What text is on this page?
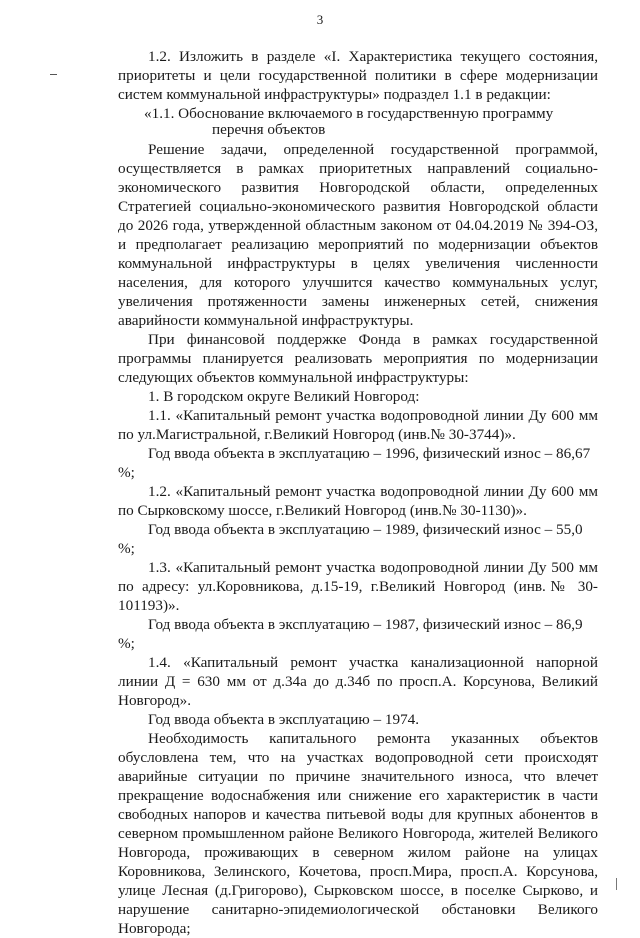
3

1.2. Изложить в разделе «I. Характеристика текущего состояния, приоритеты и цели государственной политики в сфере модернизации систем коммунальной инфраструктуры» подраздел 1.1 в редакции:

«1.1. Обоснование включаемого в государственную программу
перечня объектов

Решение задачи, определенной государственной программой, осуществляется в рамках приоритетных направлений социально-экономического развития Новгородской области, определенных Стратегией социально-экономического развития Новгородской области до 2026 года, утвержденной областным законом от 04.04.2019 № 394-ОЗ, и предполагает реализацию мероприятий по модернизации объектов коммунальной инфраструктуры в целях увеличения численности населения, для которого улучшится качество коммунальных услуг, увеличения протяженности замены инженерных сетей, снижения аварийности коммунальной инфраструктуры.

При финансовой поддержке Фонда в рамках государственной программы планируется реализовать мероприятия по модернизации следующих объектов коммунальной инфраструктуры:

1. В городском округе Великий Новгород:

1.1. «Капитальный ремонт участка водопроводной линии Ду 600 мм по ул.Магистральной, г.Великий Новгород (инв.№ 30-3744)».

Год ввода объекта в эксплуатацию – 1996, физический износ – 86,67 %;

1.2. «Капитальный ремонт участка водопроводной линии Ду 600 мм по Сырковскому шоссе, г.Великий Новгород (инв.№ 30-1130)».

Год ввода объекта в эксплуатацию – 1989, физический износ – 55,0 %;

1.3. «Капитальный ремонт участка водопроводной линии Ду 500 мм по адресу: ул.Коровникова, д.15-19, г.Великий Новгород (инв.№ 30-101193)».

Год ввода объекта в эксплуатацию – 1987, физический износ – 86,9 %;

1.4. «Капитальный ремонт участка канализационной напорной линии Д = 630 мм от д.34а до д.34б по просп.А. Корсунова, Великий Новгород».

Год ввода объекта в эксплуатацию – 1974.

Необходимость капитального ремонта указанных объектов обусловлена тем, что на участках водопроводной сети происходят аварийные ситуации по причине значительного износа, что влечет прекращение водоснабжения или снижение его характеристик в части свободных напоров и качества питьевой воды для крупных абонентов в северном промышленном районе Великого Новгорода, жителей Великого Новгорода, проживающих в северном жилом районе на улицах Коровникова, Зелинского, Кочетова, просп.Мира, просп.А. Корсунова, улице Лесная (д.Григорово), Сырковском шоссе, в поселке Сырково, и нарушение санитарно-эпидемиологической обстановки Великого Новгорода;
